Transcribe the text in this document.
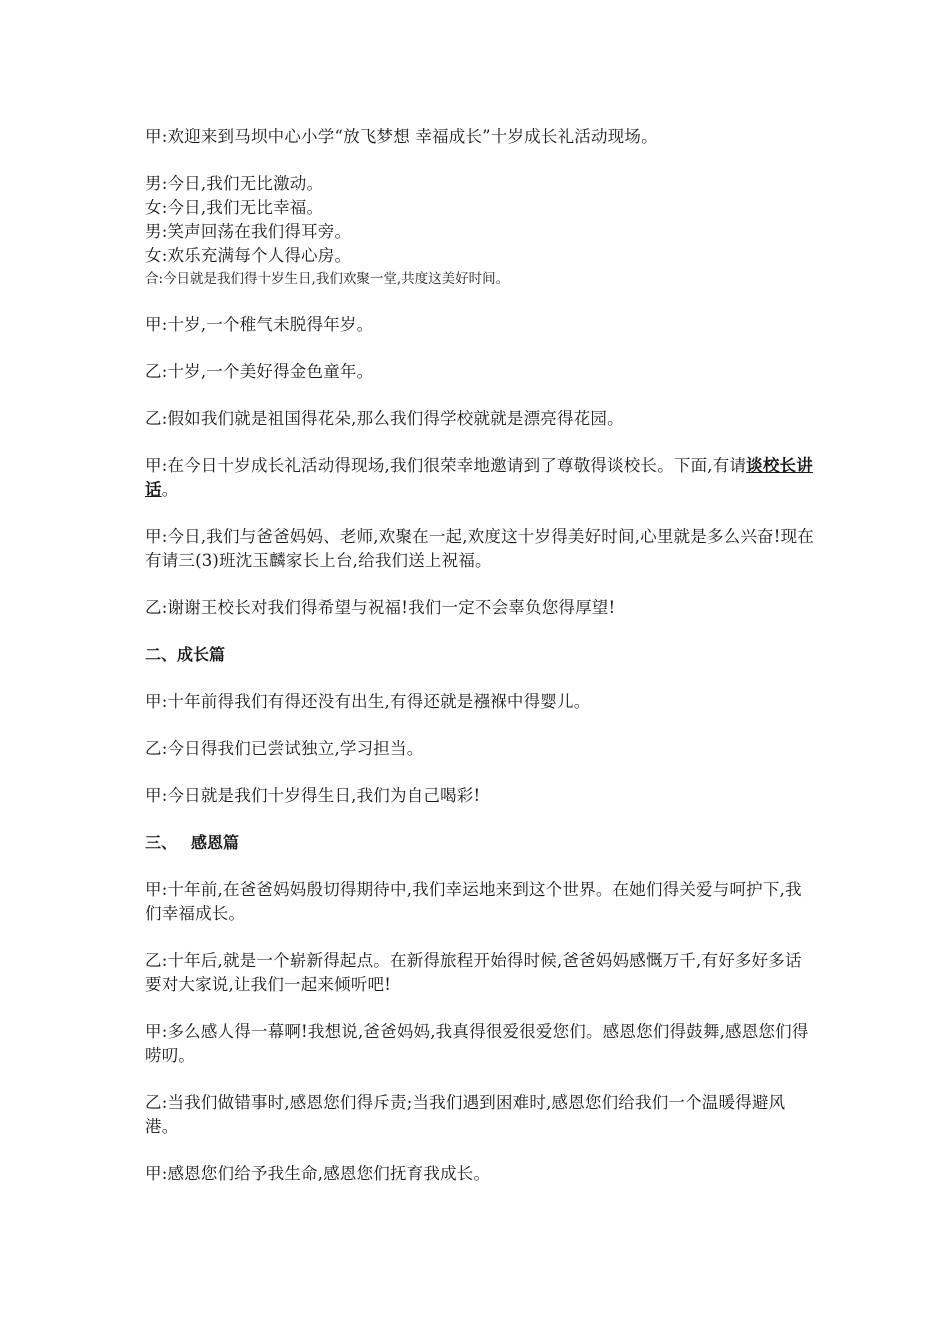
甲:欢迎来到马坝中心小学“放飞梦想 幸福成长”十岁成长礼活动现场。

男:今日,我们无比激动。

女:今日,我们无比幸福。

男:笑声回荡在我们得耳旁。

女:欢乐充满每个人得心房。

合:今日就是我们得十岁生日,我们欢聚一堂,共度这美好时间。

甲:十岁,一个稚气未脱得年岁。

乙:十岁,一个美好得金色童年。

乙:假如我们就是祖国得花朵,那么我们得学校就就是漂亮得花园。

甲:在今日十岁成长礼活动得现场,我们很荣幸地邀请到了尊敬得谈校长。下面,有请谈校长讲话。

甲:今日,我们与爸爸妈妈、老师,欢聚在一起,欢度这十岁得美好时间,心里就是多么兴奋!现在有请三(3)班沈玉麟家长上台,给我们送上祝福。

乙:谢谢王校长对我们得希望与祝福!我们一定不会辜负您得厚望!

二、成长篇

甲:十年前得我们有得还没有出生,有得还就是襁褓中得婴儿。

乙:今日得我们已尝试独立,学习担当。

甲:今日就是我们十岁得生日,我们为自己喝彩!

三、 感恩篇

甲:十年前,在爸爸妈妈殷切得期待中,我们幸运地来到这个世界。在她们得关爱与呵护下,我们幸福成长。

乙:十年后,就是一个崭新得起点。在新得旅程开始得时候,爸爸妈妈感慨万千,有好多好多话要对大家说,让我们一起来倾听吧!

甲:多么感人得一幕啊!我想说,爸爸妈妈,我真得很爱很爱您们。感恩您们得鼓舞,感恩您们得唠叨。

乙:当我们做错事时,感恩您们得斥责;当我们遇到困难时,感恩您们给我们一个温暖得避风港。

甲:感恩您们给予我生命,感恩您们抚育我成长。
